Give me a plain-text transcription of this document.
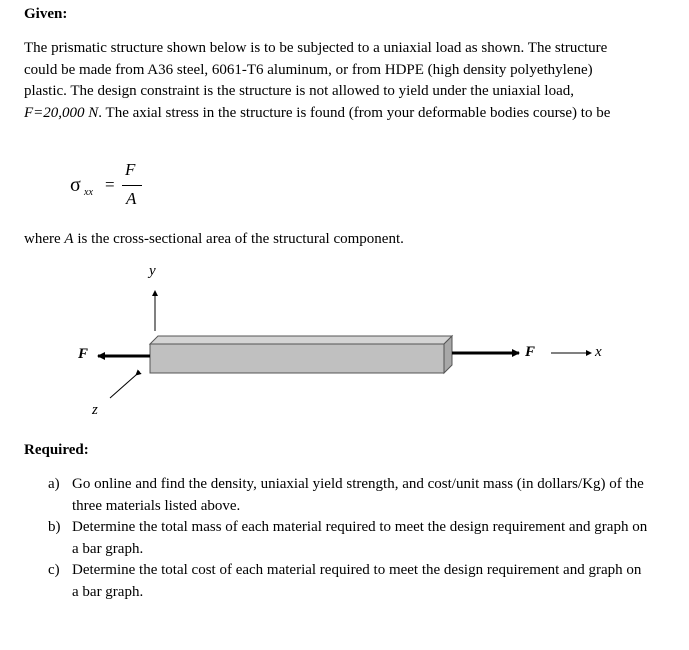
Given:
The prismatic structure shown below is to be subjected to a uniaxial load as shown. The structure could be made from A36 steel, 6061-T6 aluminum, or from HDPE (high density polyethylene) plastic. The design constraint is the structure is not allowed to yield under the uniaxial load, F=20,000 N. The axial stress in the structure is found (from your deformable bodies course) to be
σ xx =
F
A
where A is the cross-sectional area of the structural component.
y
F	F	x
z
Required:
a) Go online and find the density, uniaxial yield strength, and cost/unit mass (in dollars/Kg) of the three materials listed above.
b) Determine the total mass of each material required to meet the design requirement and graph on a bar graph.
c) Determine the total cost of each material required to meet the design requirement and graph on a bar graph.
